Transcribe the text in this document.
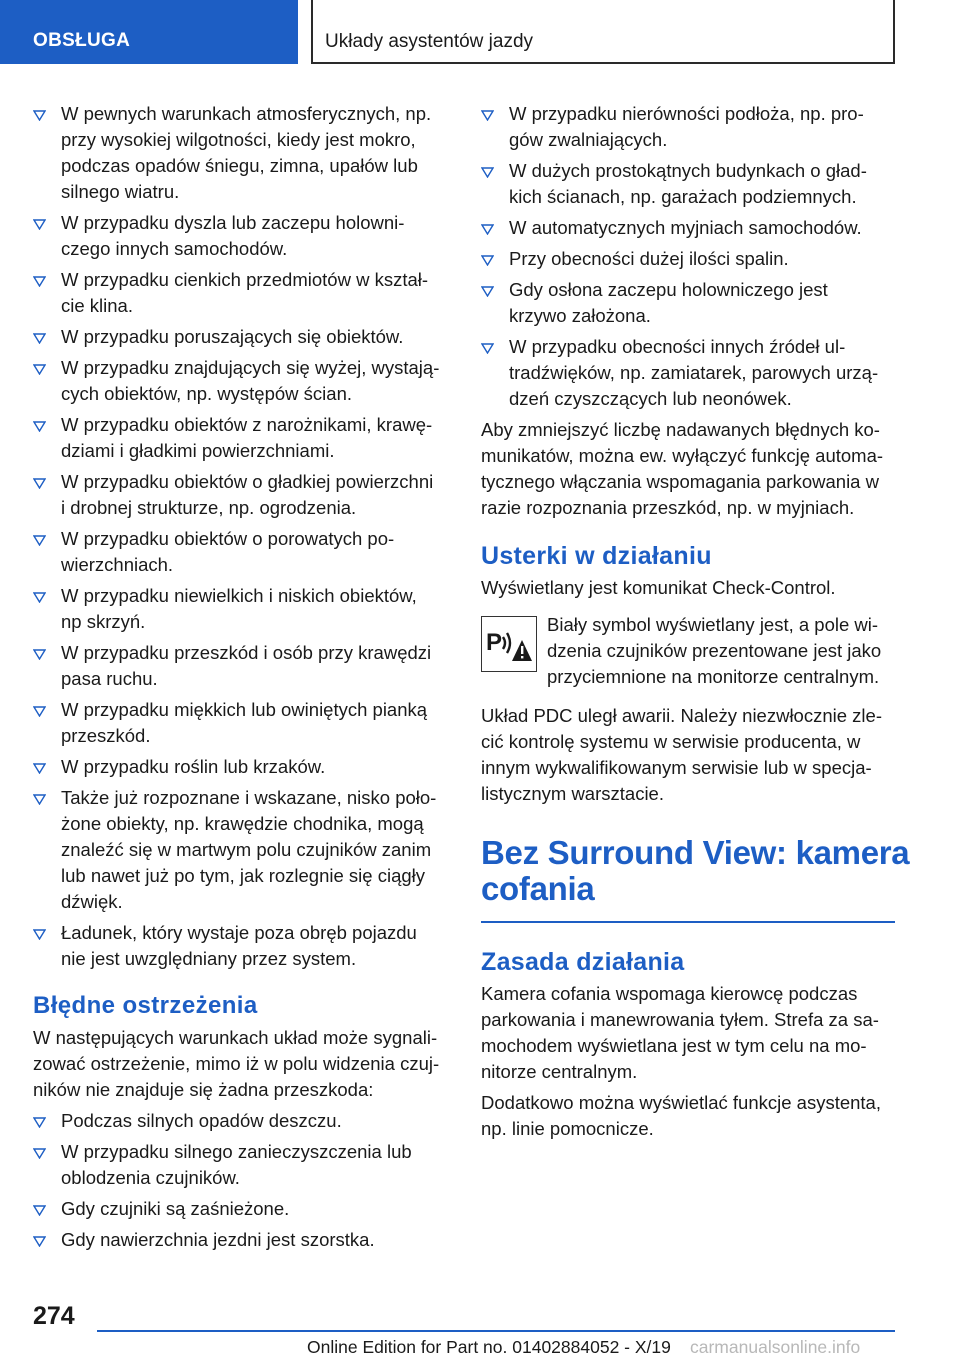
OBSŁUGA	Układy asystentów jazdy
W pewnych warunkach atmosferycznych, np.
przy wysokiej wilgotności, kiedy jest mokro,
podczas opadów śniegu, zimna, upałów lub
silnego wiatru.
W przypadku dyszla lub zaczepu holowni‐
czego innych samochodów.
W przypadku cienkich przedmiotów w kształ‐
cie klina.
W przypadku poruszających się obiektów.
W przypadku znajdujących się wyżej, wystają‐
cych obiektów, np. występów ścian.
W przypadku obiektów z narożnikami, krawę‐
dziami i gładkimi powierzchniami.
W przypadku obiektów o gładkiej powierzchni
i drobnej strukturze, np. ogrodzenia.
W przypadku obiektów o porowatych po‐
wierzchniach.
W przypadku niewielkich i niskich obiektów,
np skrzyń.
W przypadku przeszkód i osób przy krawędzi
pasa ruchu.
W przypadku miękkich lub owiniętych pianką
przeszkód.
W przypadku roślin lub krzaków.
Także już rozpoznane i wskazane, nisko poło‐
żone obiekty, np. krawędzie chodnika, mogą
znaleźć się w martwym polu czujników zanim
lub nawet już po tym, jak rozlegnie się ciągły
dźwięk.
Ładunek, który wystaje poza obręb pojazdu
nie jest uwzględniany przez system.
Błędne ostrzeżenia
W następujących warunkach układ może sygnali‐
zować ostrzeżenie, mimo iż w polu widzenia czuj‐
ników nie znajduje się żadna przeszkoda:
Podczas silnych opadów deszczu.
W przypadku silnego zanieczyszczenia lub
oblodzenia czujników.
Gdy czujniki są zaśnieżone.
Gdy nawierzchnia jezdni jest szorstka.
W przypadku nierówności podłoża, np. pro‐
gów zwalniających.
W dużych prostokątnych budynkach o gład‐
kich ścianach, np. garażach podziemnych.
W automatycznych myjniach samochodów.
Przy obecności dużej ilości spalin.
Gdy osłona zaczepu holowniczego jest
krzywo założona.
W przypadku obecności innych źródeł ul‐
tradźwięków, np. zamiatarek, parowych urzą‐
dzeń czyszczących lub neonówek.
Aby zmniejszyć liczbę nadawanych błędnych ko‐
munikatów, można ew. wyłączyć funkcję automa‐
tycznego włączania wspomagania parkowania w
razie rozpoznania przeszkód, np. w myjniach.
Usterki w działaniu
Wyświetlany jest komunikat Check-Control.
P
Biały symbol wyświetlany jest, a pole wi‐
dzenia czujników prezentowane jest jako
przyciemnione na monitorze centralnym.
Układ PDC uległ awarii. Należy niezwłocznie zle‐
cić kontrolę systemu w serwisie producenta, w
innym wykwalifikowanym serwisie lub w specja‐
listycznym warsztacie.
Bez Surround View: kamera
cofania
Zasada działania
Kamera cofania wspomaga kierowcę podczas
parkowania i manewrowania tyłem. Strefa za sa‐
mochodem wyświetlana jest w tym celu na mo‐
nitorze centralnym.
Dodatkowo można wyświetlać funkcje asystenta,
np. linie pomocnicze.
274
Online Edition for Part no. 01402884052 - X/19 carmanualsonline.info
